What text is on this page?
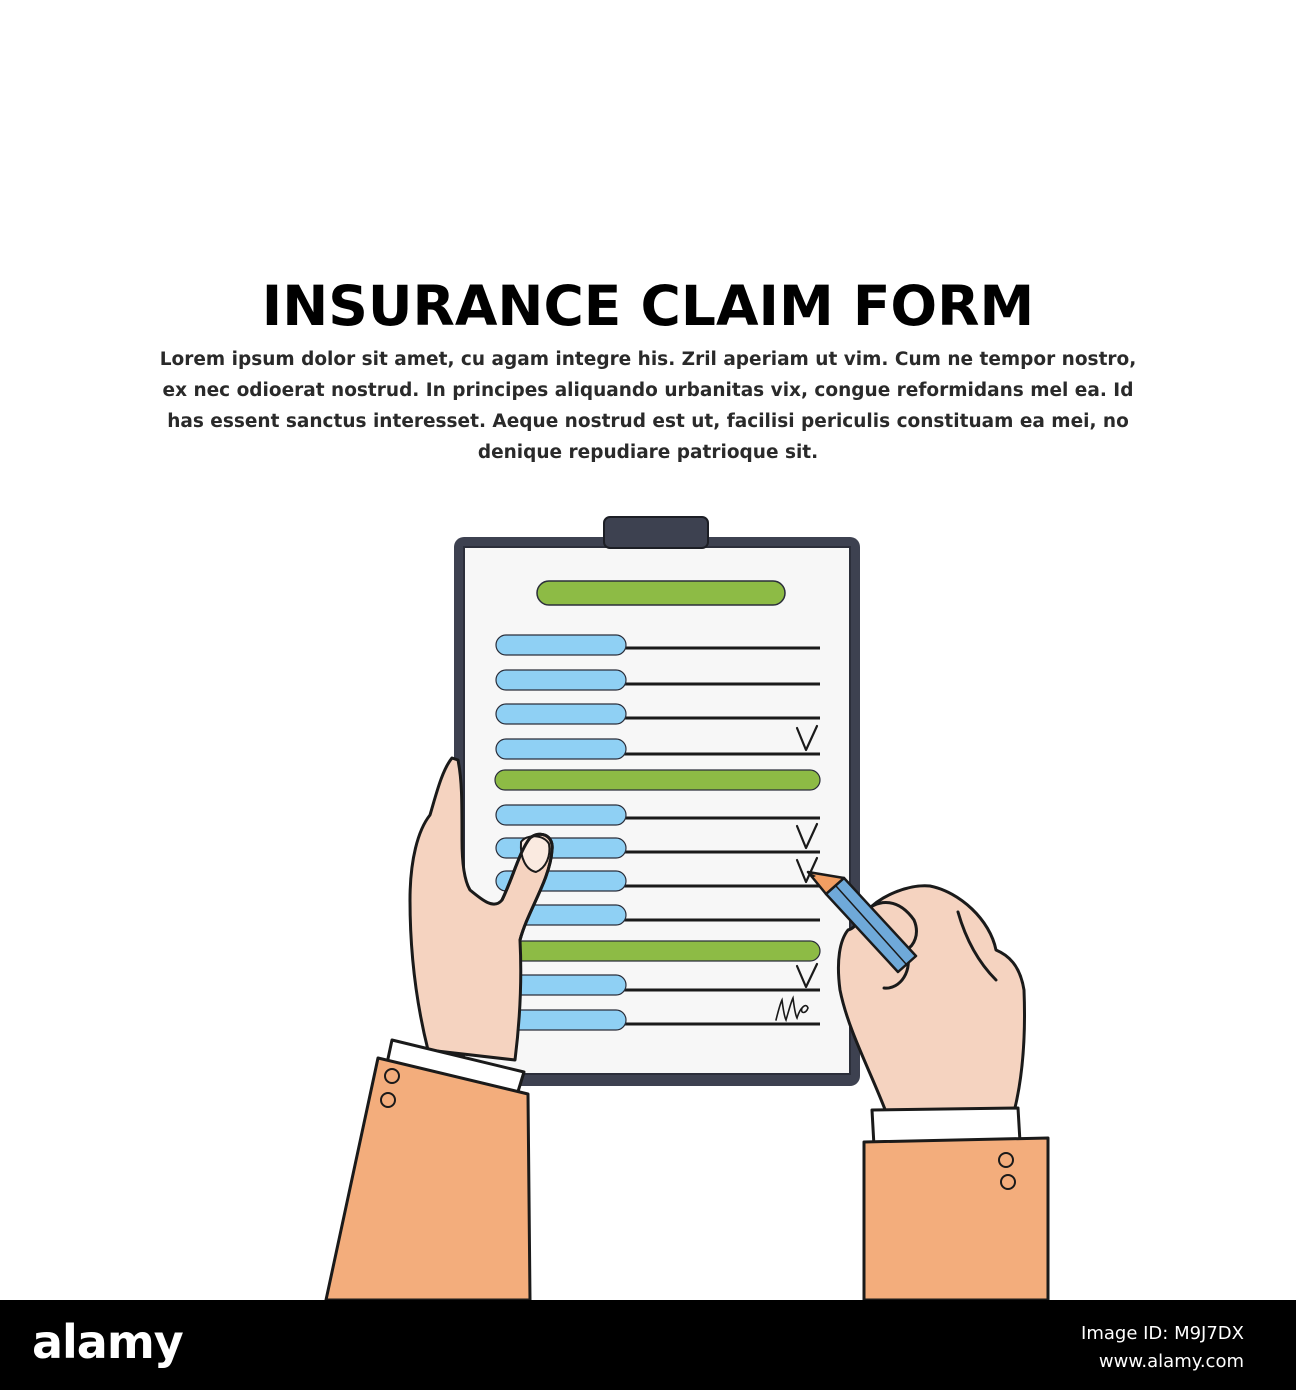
INSURANCE CLAIM FORM

Lorem ipsum dolor sit amet, cu agam integre his. Zril aperiam ut vim. Cum ne tempor nostro, ex nec odioerat nostrud. In principes aliquando urbanitas vix, congue reformidans mel ea. Id has essent sanctus interesset. Aeque nostrud est ut, facilisi periculis constituam ea mei, no denique repudiare patrioque sit.

alamy	Image ID: M9J7DX
www.alamy.com
